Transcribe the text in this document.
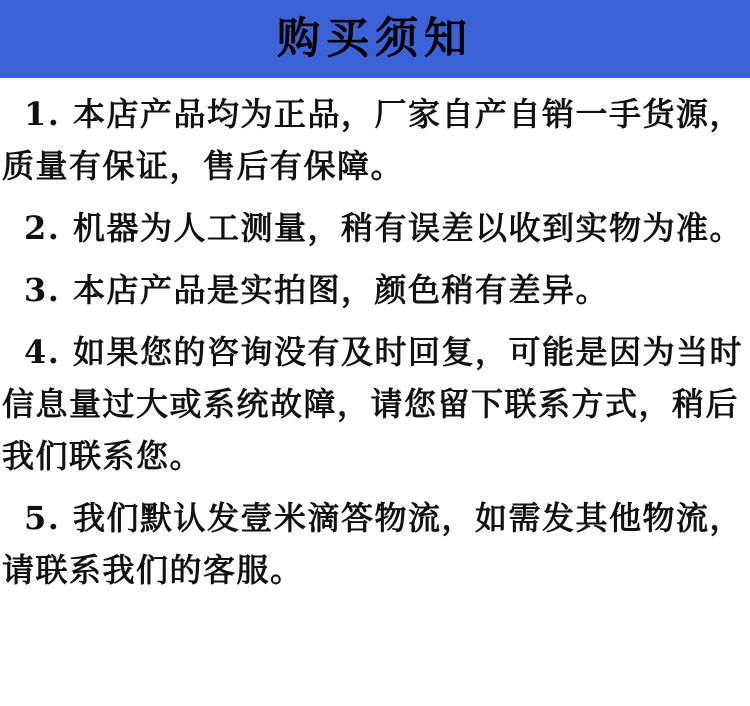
购买须知

1. 本店产品均为正品，厂家自产自销一手货源，质量有保证，售后有保障。

2. 机器为人工测量，稍有误差以收到实物为准。

3. 本店产品是实拍图，颜色稍有差异。

4. 如果您的咨询没有及时回复，可能是因为当时信息量过大或系统故障，请您留下联系方式，稍后我们联系您。

5. 我们默认发壹米滴答物流，如需发其他物流，请联系我们的客服。
